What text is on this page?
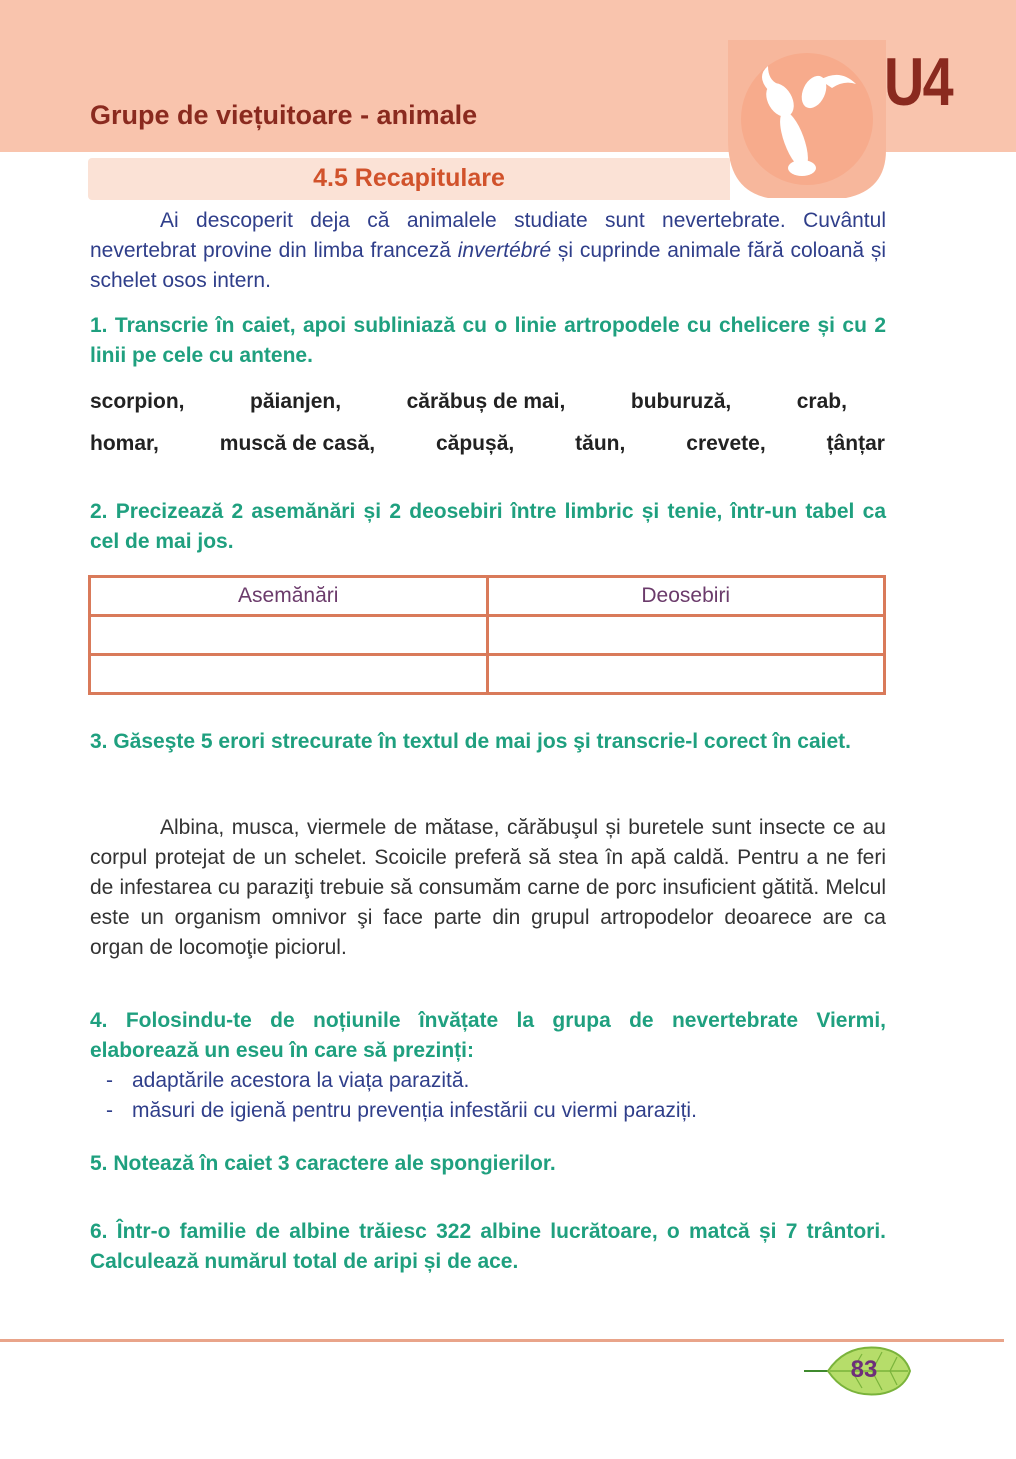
Grupe de viețuitoare - animale	U4
4.5 Recapitulare

Ai descoperit deja că animalele studiate sunt nevertebrate. Cuvântul nevertebrat provine din limba franceză invertébré și cuprinde animale fără coloană și schelet osos intern.

1. Transcrie în caiet, apoi subliniază cu o linie artropodele cu chelicere și cu 2 linii pe cele cu antene.

scorpion,	păianjen,	cărăbuș de mai,	buburuză,	crab,
homar,	muscă de casă,	căpușă,	tăun,	crevete,	țânțar

2. Precizează 2 asemănări și 2 deosebiri între limbric și tenie, într-un tabel ca cel de mai jos.

Asemănări	Deosebiri

3. Găseşte 5 erori strecurate în textul de mai jos şi transcrie-l corect în caiet.

Albina, musca, viermele de mătase, cărăbuşul și buretele sunt insecte ce au corpul protejat de un schelet. Scoicile preferă să stea în apă caldă. Pentru a ne feri de infestarea cu paraziţi trebuie să consumăm carne de porc insuficient gătită. Melcul este un organism omnivor şi face parte din grupul artropodelor deoarece are ca organ de locomoţie piciorul.

4. Folosindu-te de noțiunile învățate la grupa de nevertebrate Viermi, elaborează un eseu în care să prezinți:

- adaptările acestora la viața parazită.
- măsuri de igienă pentru prevenția infestării cu viermi paraziți.

5. Notează în caiet 3 caractere ale spongierilor.

6. Într-o familie de albine trăiesc 322 albine lucrătoare, o matcă și 7 trântori. Calculează numărul total de aripi și de ace.

83
